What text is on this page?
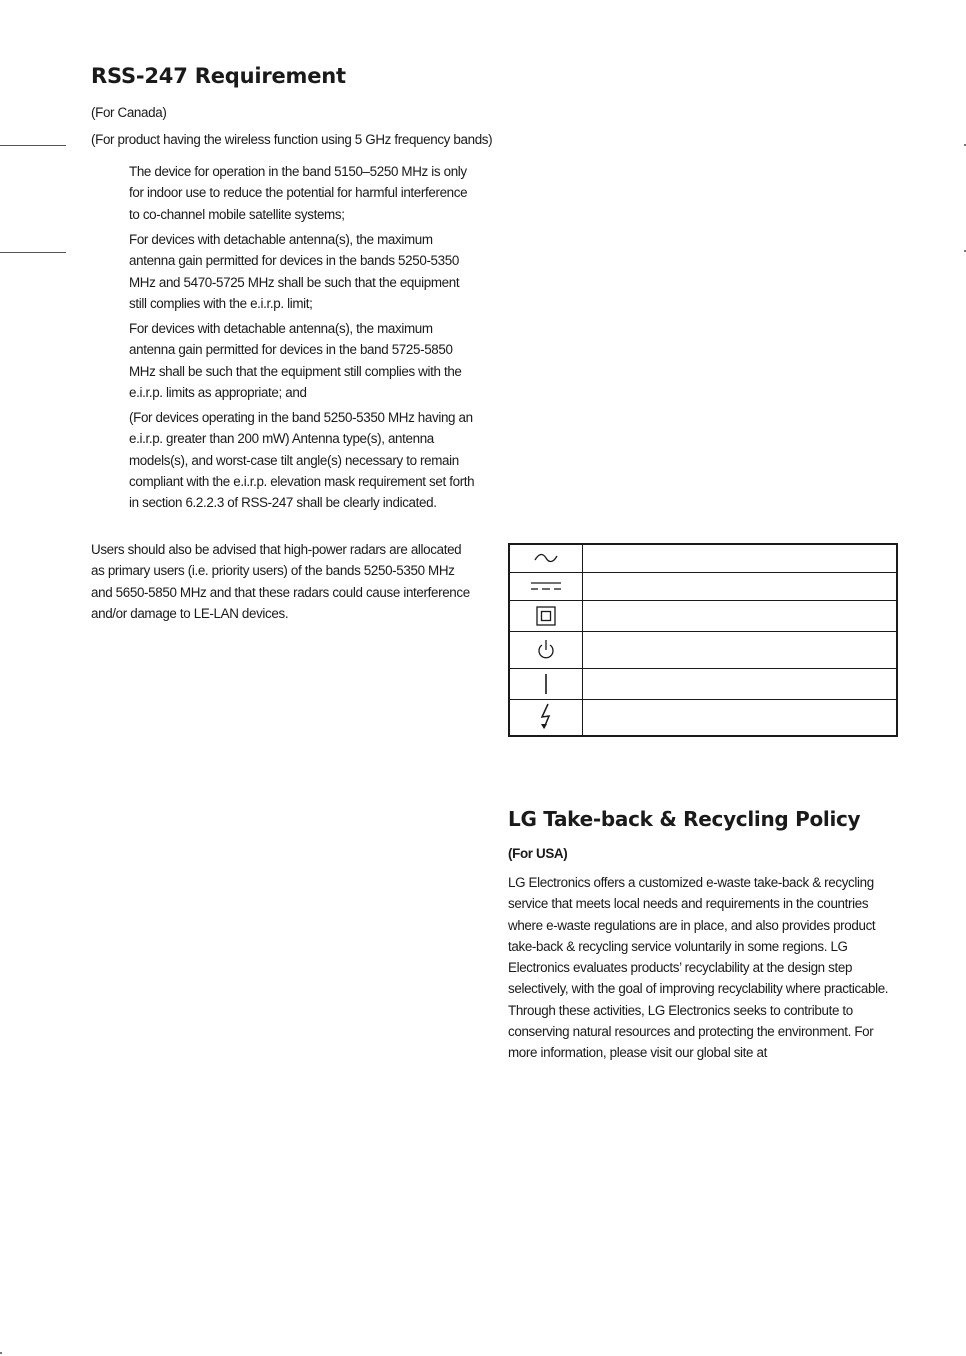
RSS-247 Requirement

(For Canada)

(For product having the wireless function using 5 GHz frequency bands)

The device for operation in the band 5150–5250 MHz is only for indoor use to reduce the potential for harmful interference to co-channel mobile satellite systems;

For devices with detachable antenna(s), the maximum antenna gain permitted for devices in the bands 5250-5350 MHz and 5470-5725 MHz shall be such that the equipment still complies with the e.i.r.p. limit;

For devices with detachable antenna(s), the maximum antenna gain permitted for devices in the band 5725-5850 MHz shall be such that the equipment still complies with the e.i.r.p. limits as appropriate; and

(For devices operating in the band 5250-5350 MHz having an e.i.r.p. greater than 200 mW) Antenna type(s), antenna models(s), and worst-case tilt angle(s) necessary to remain compliant with the e.i.r.p. elevation mask requirement set forth in section 6.2.2.3 of RSS-247 shall be clearly indicated.

Users should also be advised that high-power radars are allocated as primary users (i.e. priority users) of the bands 5250-5350 MHz and 5650-5850 MHz and that these radars could cause interference and/or damage to LE-LAN devices.

LG Take-back & Recycling Policy
(For USA)

LG Electronics offers a customized e-waste take-back & recycling service that meets local needs and requirements in the countries where e-waste regulations are in place, and also provides product take-back & recycling service voluntarily in some regions. LG Electronics evaluates products’ recyclability at the design step selectively, with the goal of improving recyclability where practicable. Through these activities, LG Electronics seeks to contribute to conserving natural resources and protecting the environment. For more information, please visit our global site at
